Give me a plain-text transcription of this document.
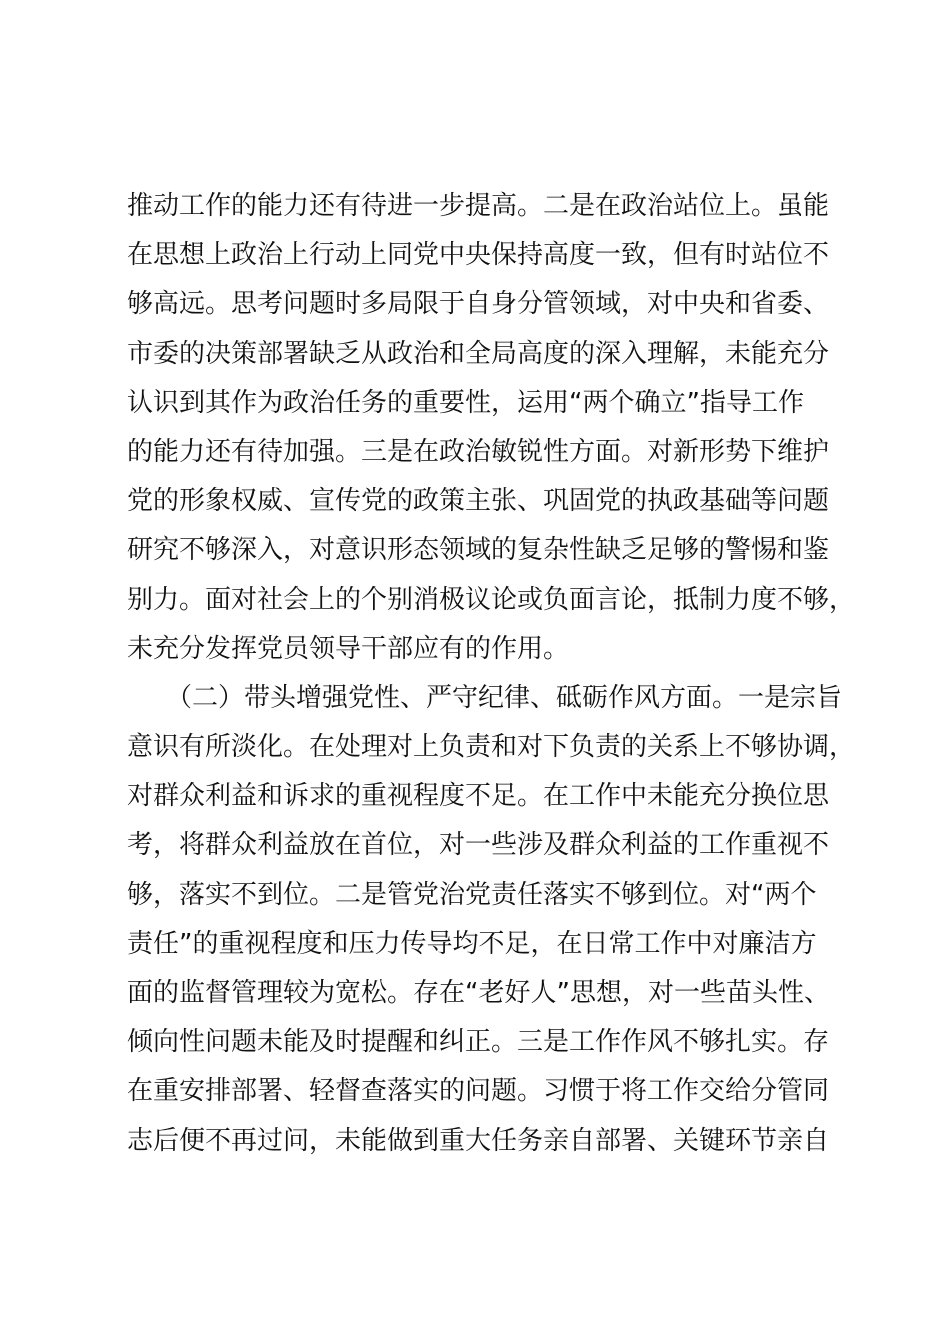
推动工作的能力还有待进一步提高。二是在政治站位上。虽能
在思想上政治上行动上同党中央保持高度一致，但有时站位不
够高远。思考问题时多局限于自身分管领域，对中央和省委、
市委的决策部署缺乏从政治和全局高度的深入理解，未能充分
认识到其作为政治任务的重要性，运用“两个确立”指导工作
的能力还有待加强。三是在政治敏锐性方面。对新形势下维护
党的形象权威、宣传党的政策主张、巩固党的执政基础等问题
研究不够深入，对意识形态领域的复杂性缺乏足够的警惕和鉴
别力。面对社会上的个别消极议论或负面言论，抵制力度不够，
未充分发挥党员领导干部应有的作用。
　　（二）带头增强党性、严守纪律、砥砺作风方面。一是宗旨
意识有所淡化。在处理对上负责和对下负责的关系上不够协调，
对群众利益和诉求的重视程度不足。在工作中未能充分换位思
考，将群众利益放在首位，对一些涉及群众利益的工作重视不
够，落实不到位。二是管党治党责任落实不够到位。对“两个
责任”的重视程度和压力传导均不足，在日常工作中对廉洁方
面的监督管理较为宽松。存在“老好人”思想，对一些苗头性、
倾向性问题未能及时提醒和纠正。三是工作作风不够扎实。存
在重安排部署、轻督查落实的问题。习惯于将工作交给分管同
志后便不再过问，未能做到重大任务亲自部署、关键环节亲自
